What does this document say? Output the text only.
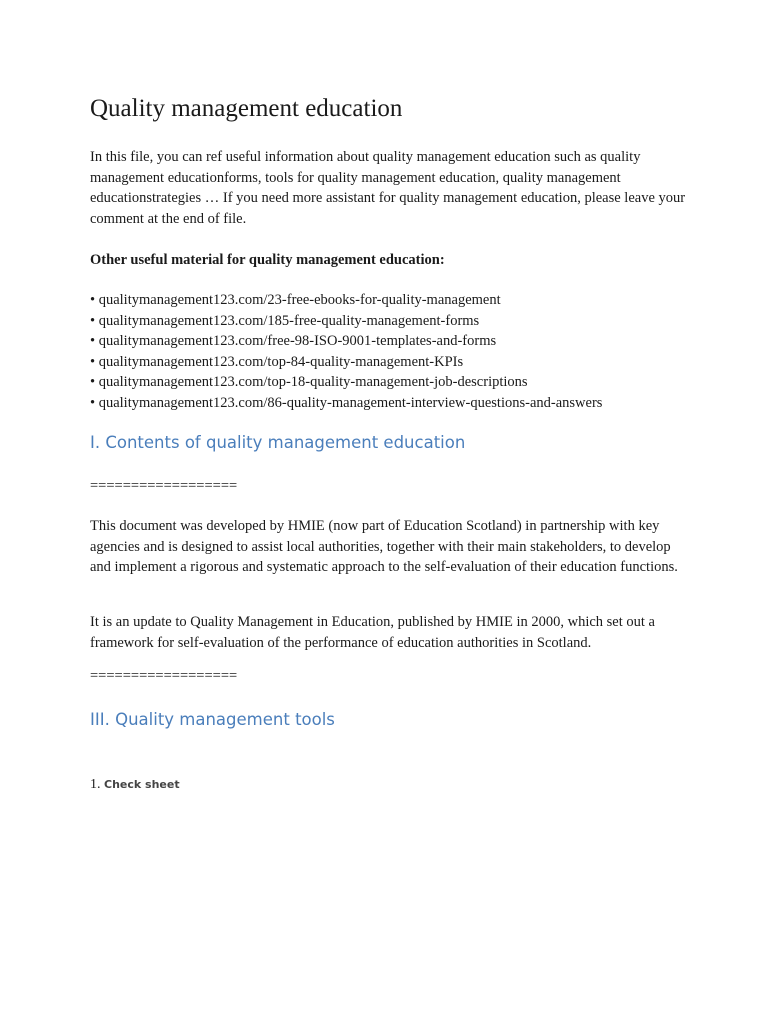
Quality management education

In this file, you can ref useful information about quality management education such as quality management educationforms, tools for quality management education, quality management educationstrategies … If you need more assistant for quality management education, please leave your comment at the end of file.

Other useful material for quality management education:

• qualitymanagement123.com/23-free-ebooks-for-quality-management
• qualitymanagement123.com/185-free-quality-management-forms
• qualitymanagement123.com/free-98-ISO-9001-templates-and-forms
• qualitymanagement123.com/top-84-quality-management-KPIs
• qualitymanagement123.com/top-18-quality-management-job-descriptions
• qualitymanagement123.com/86-quality-management-interview-questions-and-answers
I. Contents of quality management education

==================

This document was developed by HMIE (now part of Education Scotland) in partnership with key agencies and is designed to assist local authorities, together with their main stakeholders, to develop and implement a rigorous and systematic approach to the self-evaluation of their education functions.

It is an update to Quality Management in Education, published by HMIE in 2000, which set out a framework for self-evaluation of the performance of education authorities in Scotland.

==================

III. Quality management tools

1. Check sheet
